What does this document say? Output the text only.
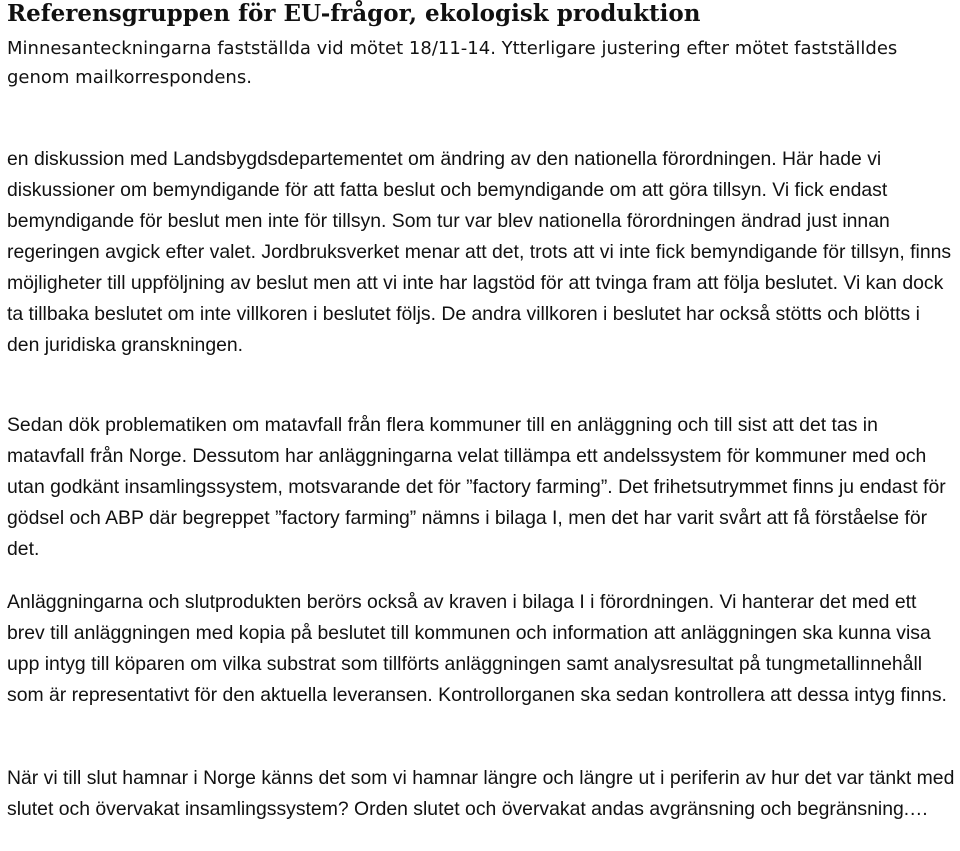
Referensgruppen för EU-frågor, ekologisk produktion

Minnesanteckningarna fastställda vid mötet 18/11-14. Ytterligare justering efter mötet fastställdes genom mailkorrespondens.

en diskussion med Landsbygdsdepartementet om ändring av den nationella förordningen. Här hade vi diskussioner om bemyndigande för att fatta beslut och bemyndigande om att göra tillsyn. Vi fick endast bemyndigande för beslut men inte för tillsyn. Som tur var blev nationella förordningen ändrad just innan regeringen avgick efter valet. Jordbruksverket menar att det, trots att vi inte fick bemyndigande för tillsyn, finns möjligheter till uppföljning av beslut men att vi inte har lagstöd för att tvinga fram att följa beslutet. Vi kan dock ta tillbaka beslutet om inte villkoren i beslutet följs. De andra villkoren i beslutet har också stötts och blötts i den juridiska granskningen.

Sedan dök problematiken om matavfall från flera kommuner till en anläggning och till sist att det tas in matavfall från Norge. Dessutom har anläggningarna velat tillämpa ett andelssystem för kommuner med och utan godkänt insamlingssystem, motsvarande det för ”factory farming”. Det frihetsutrymmet finns ju endast för gödsel och ABP där begreppet ”factory farming” nämns i bilaga I, men det har varit svårt att få förståelse för det.

Anläggningarna och slutprodukten berörs också av kraven i bilaga I i förordningen. Vi hanterar det med ett brev till anläggningen med kopia på beslutet till kommunen och information att anläggningen ska kunna visa upp intyg till köparen om vilka substrat som tillförts anläggningen samt analysresultat på tungmetallinnehåll som är representativt för den aktuella leveransen. Kontrollorganen ska sedan kontrollera att dessa intyg finns.

När vi till slut hamnar i Norge känns det som vi hamnar längre och längre ut i periferin av hur det var tänkt med slutet och övervakat insamlingssystem? Orden slutet och övervakat andas avgränsning och begränsning.…
